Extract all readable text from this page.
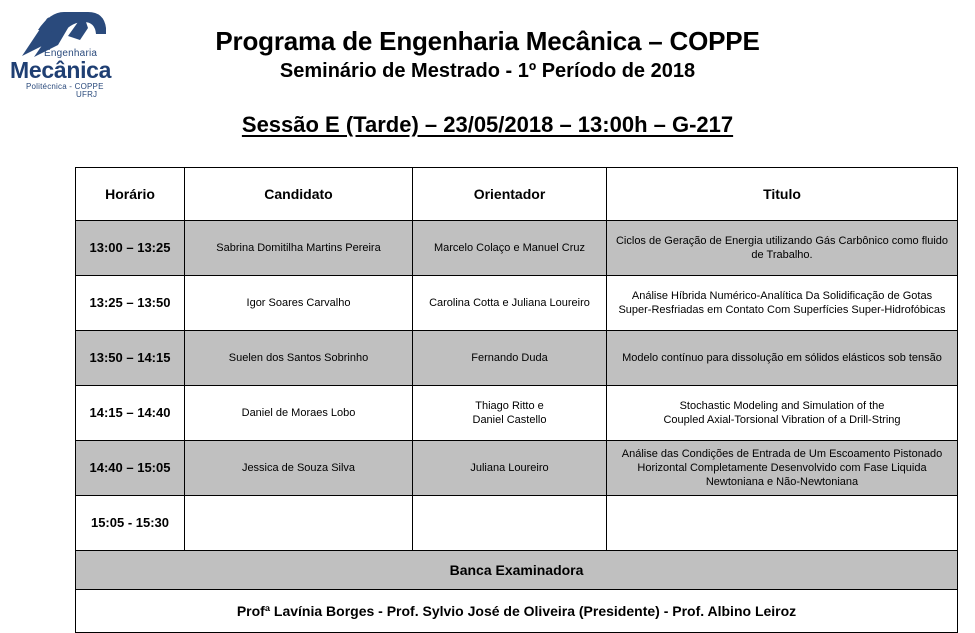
Engenharia
Mecânica
Politécnica - COPPE
UFRJ
Programa de Engenharia Mecânica – COPPE
Seminário de Mestrado - 1º Período de 2018
Sessão E (Tarde) – 23/05/2018 – 13:00h – G-217
Horário	Candidato	Orientador	Titulo
13:00 – 13:25	Sabrina Domitilha Martins Pereira	Marcelo Colaço e Manuel Cruz	Ciclos de Geração de Energia utilizando Gás Carbônico como fluido
de Trabalho.

13:25 – 13:50	Igor Soares Carvalho	Carolina Cotta e Juliana Loureiro	Análise Híbrida Numérico-Analítica Da Solidificação de Gotas
Super-Resfriadas em Contato Com Superfícies Super-Hidrofóbicas

13:50 – 14:15	Suelen dos Santos Sobrinho	Fernando Duda	Modelo contínuo para dissolução em sólidos elásticos sob tensão

14:15 – 14:40	Daniel de Moraes Lobo	Thiago Ritto e
Daniel Castello	Stochastic Modeling and Simulation of the
Coupled Axial-Torsional Vibration of a Drill-String

14:40 – 15:05	Jessica de Souza Silva	Juliana Loureiro	Análise das Condições de Entrada de Um Escoamento Pistonado
Horizontal Completamente Desenvolvido com Fase Liquida
Newtoniana e Não-Newtoniana

15:05 - 15:30	

Banca Examinadora			
Profª Lavínia Borges - Prof. Sylvio José de Oliveira (Presidente) - Prof. Albino Leiroz			
